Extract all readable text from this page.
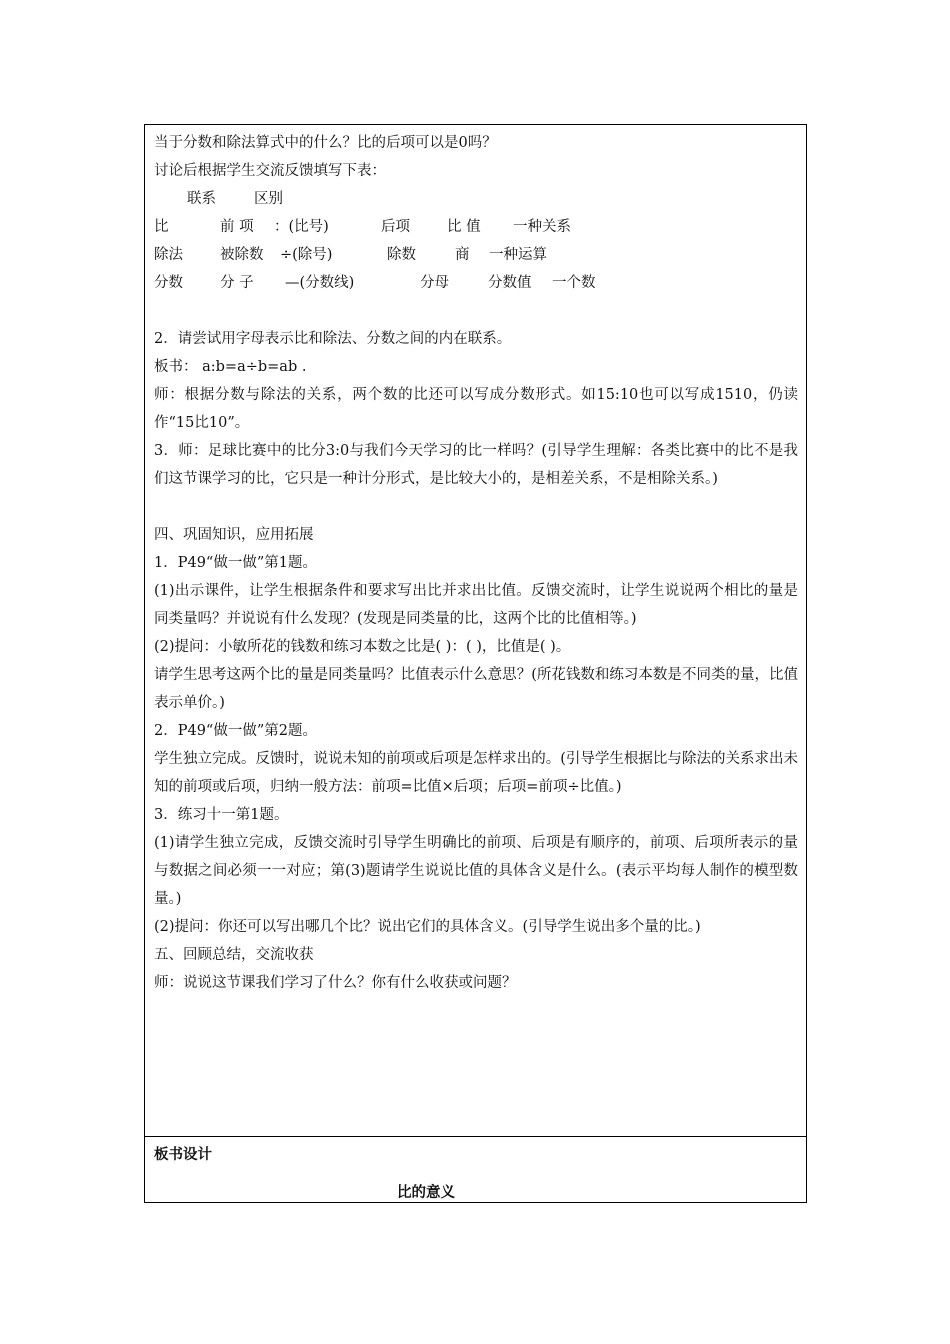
当于分数和除法算式中的什么？比的后项可以是0吗？
讨论后根据学生交流反馈填写下表：
联系	区别
比	前 项	：(比号)	后项	比 值	一种关系
除法	被除数	÷(除号)	除数	商	一种运算
分数	分 子	—(分数线)	分母	分数值	一个数
2．请尝试用字母表示比和除法、分数之间的内在联系。
板书： a:b=a÷b=ab .
师：根据分数与除法的关系，两个数的比还可以写成分数形式。如15:10也可以写成1510，仍读作“15比10”。
3．师：足球比赛中的比分3:0与我们今天学习的比一样吗？(引导学生理解：各类比赛中的比不是我们这节课学习的比，它只是一种计分形式，是比较大小的，是相差关系，不是相除关系。)
四、巩固知识，应用拓展
1．P49“做一做”第1题。
(1)出示课件，让学生根据条件和要求写出比并求出比值。反馈交流时，让学生说说两个相比的量是同类量吗？并说说有什么发现？(发现是同类量的比，这两个比的比值相等。)
(2)提问：小敏所花的钱数和练习本数之比是( )：( )，比值是( )。
请学生思考这两个比的量是同类量吗？比值表示什么意思？(所花钱数和练习本数是不同类的量，比值表示单价。)
2．P49“做一做”第2题。
学生独立完成。反馈时，说说未知的前项或后项是怎样求出的。(引导学生根据比与除法的关系求出未知的前项或后项，归纳一般方法：前项=比值×后项；后项=前项÷比值。)
3．练习十一第1题。
(1)请学生独立完成，反馈交流时引导学生明确比的前项、后项是有顺序的，前项、后项所表示的量与数据之间必须一一对应；第(3)题请学生说说比值的具体含义是什么。(表示平均每人制作的模型数量。)
(2)提问：你还可以写出哪几个比？说出它们的具体含义。(引导学生说出多个量的比。)
五、回顾总结，交流收获
师：说说这节课我们学习了什么？你有什么收获或问题？
板书设计
比的意义
